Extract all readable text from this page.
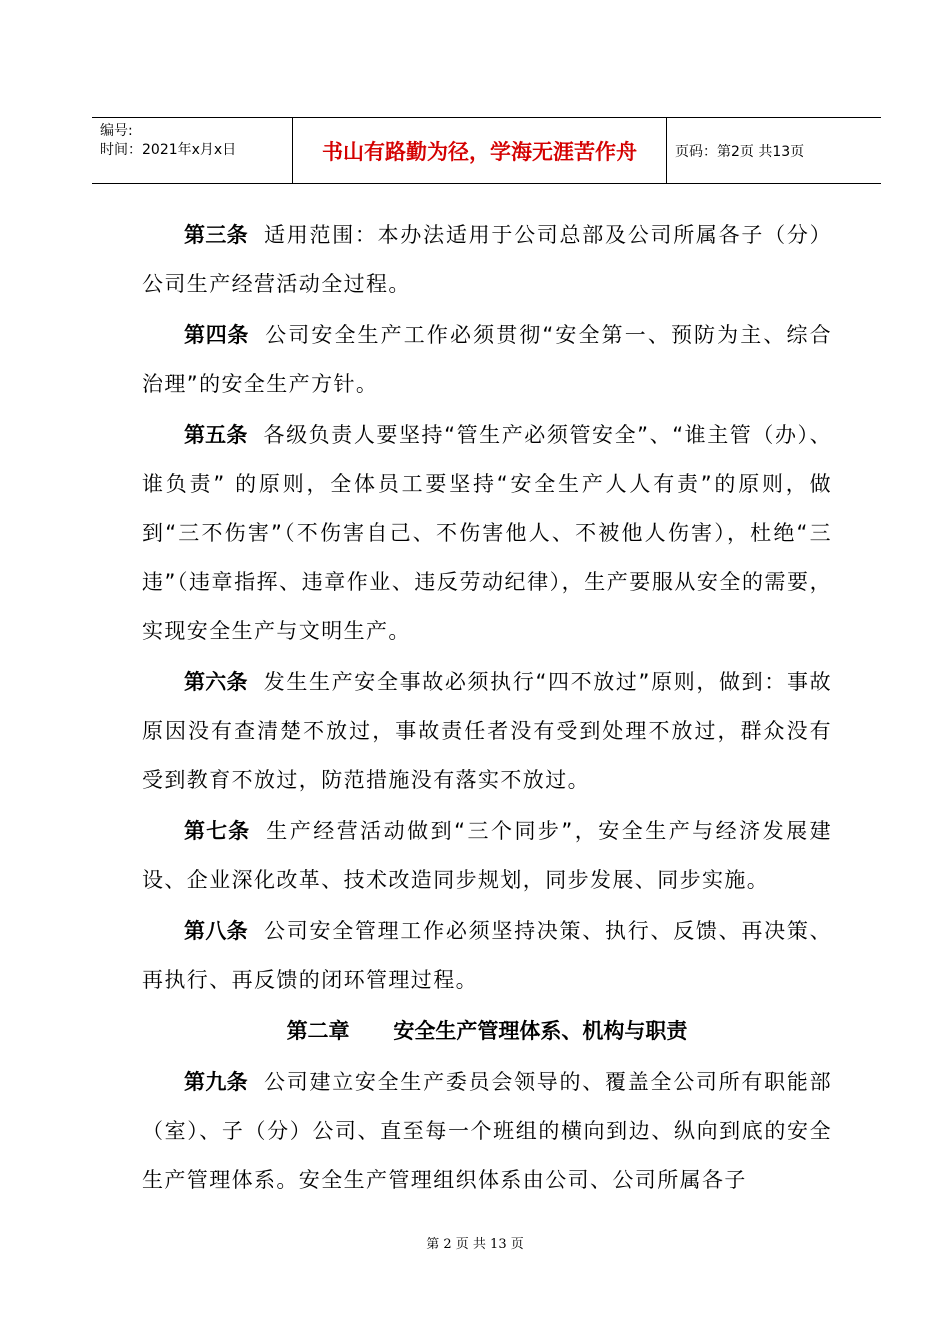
编号:
时间：2021年x月x日	书山有路勤为径，学海无涯苦作舟	页码：第2页 共13页

第三条 适用范围：本办法适用于公司总部及公司所属各子（分）公司生产经营活动全过程。

第四条 公司安全生产工作必须贯彻“安全第一、预防为主、综合治理”的安全生产方针。

第五条 各级负责人要坚持“管生产必须管安全”、“谁主管（办）、谁负责” 的原则，全体员工要坚持“安全生产人人有责”的原则，做到“三不伤害”（不伤害自己、不伤害他人、不被他人伤害），杜绝“三违”（违章指挥、违章作业、违反劳动纪律），生产要服从安全的需要，实现安全生产与文明生产。

第六条 发生生产安全事故必须执行“四不放过”原则，做到：事故原因没有查清楚不放过，事故责任者没有受到处理不放过，群众没有受到教育不放过，防范措施没有落实不放过。

第七条 生产经营活动做到“三个同步”，安全生产与经济发展建设、企业深化改革、技术改造同步规划，同步发展、同步实施。

第八条 公司安全管理工作必须坚持决策、执行、反馈、再决策、再执行、再反馈的闭环管理过程。

第二章      安全生产管理体系、机构与职责

第九条 公司建立安全生产委员会领导的、覆盖全公司所有职能部（室）、子（分）公司、直至每一个班组的横向到边、纵向到底的安全生产管理体系。安全生产管理组织体系由公司、公司所属各子

第 2 页 共 13 页
